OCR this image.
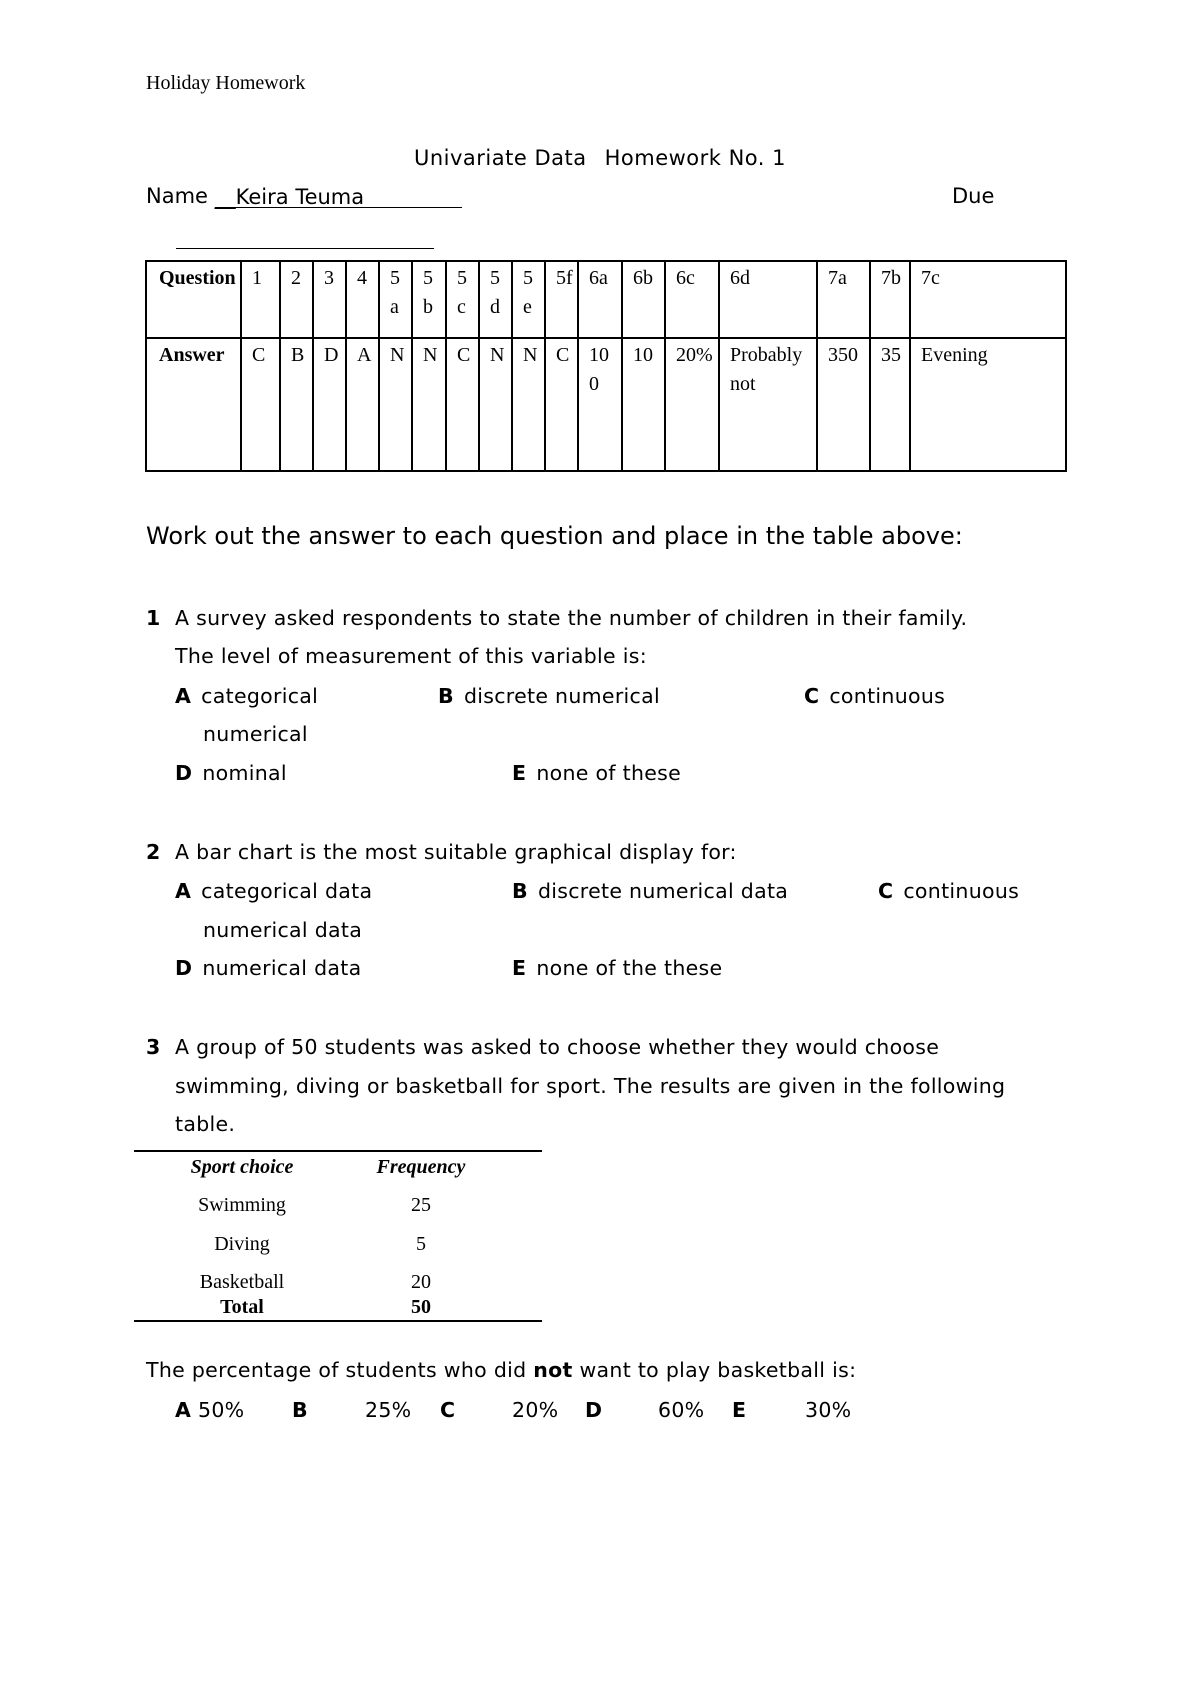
Holiday Homework
Univariate Data Homework No. 1
Name __Keira Teuma	Due
Question	1	2	3	4	5a	5b	5c	5d	5e	5f	6a	6b	6c	6d	7a	7b	7c
Answer	C	B	D	A	N	N	C	N	N	C	100	10	20%	Probably not	350	35	Evening
Work out the answer to each question and place in the table above:
1 A survey asked respondents to state the number of children in their family.
The level of measurement of this variable is:
A categorical	B discrete numerical	C continuous
numerical
D nominal	E none of these
2 A bar chart is the most suitable graphical display for:
A categorical data	B discrete numerical data	C continuous
numerical data
D numerical data	E none of the these
3 A group of 50 students was asked to choose whether they would choose
swimming, diving or basketball for sport. The results are given in the following
table.
Sport choice	Frequency
Swimming	25
Diving	5
Basketball	20
Total	50
The percentage of students who did not want to play basketball is:
A 50% B	25% C	20% D	60% E	30%
